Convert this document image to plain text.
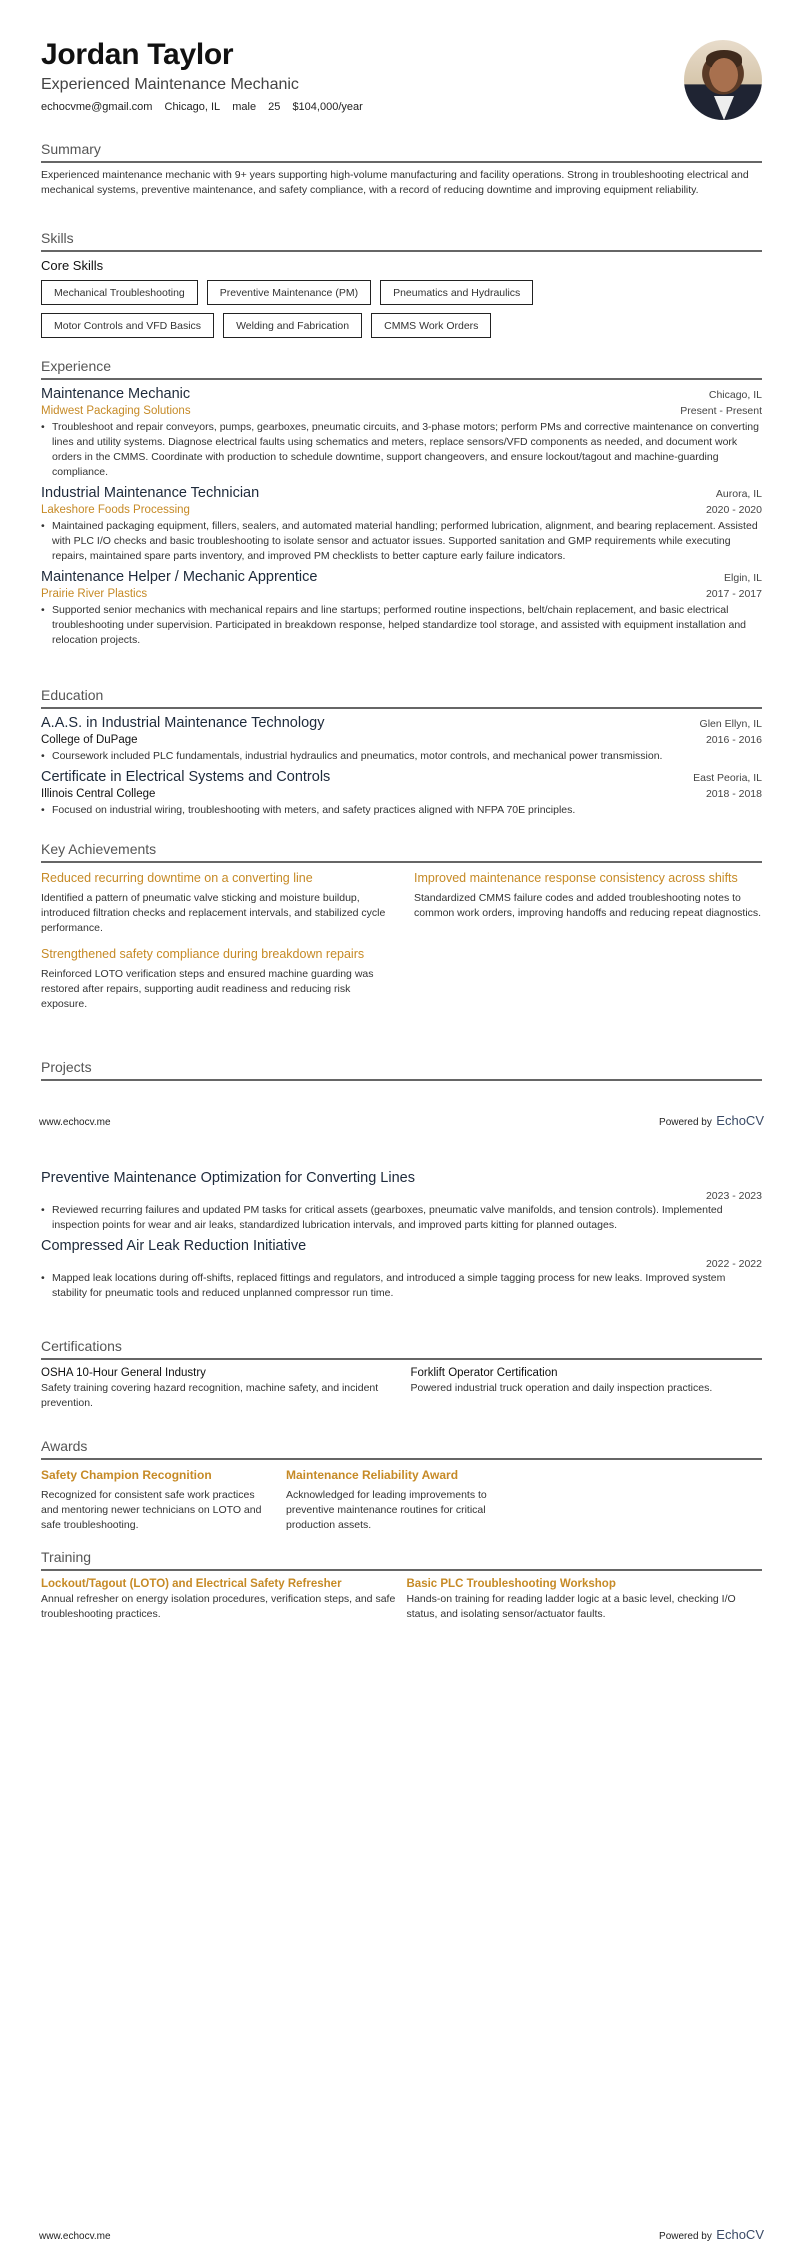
Jordan Taylor
Experienced Maintenance Mechanic
echocvme@gmail.com Chicago, IL male 25 $104,000/year
Summary
Experienced maintenance mechanic with 9+ years supporting high-volume manufacturing and facility operations. Strong in troubleshooting electrical and mechanical systems, preventive maintenance, and safety compliance, with a record of reducing downtime and improving equipment reliability.
Skills
Core Skills
Mechanical Troubleshooting	Preventive Maintenance (PM)	Pneumatics and Hydraulics
Motor Controls and VFD Basics	Welding and Fabrication	CMMS Work Orders
Experience
Maintenance Mechanic	Chicago, IL
Midwest Packaging Solutions	Present - Present
• Troubleshoot and repair conveyors, pumps, gearboxes, pneumatic circuits, and 3-phase motors; perform PMs and corrective maintenance on converting lines and utility systems. Diagnose electrical faults using schematics and meters, replace sensors/VFD components as needed, and document work orders in the CMMS. Coordinate with production to schedule downtime, support changeovers, and ensure lockout/tagout and machine-guarding compliance.
Industrial Maintenance Technician	Aurora, IL
Lakeshore Foods Processing	2020 - 2020
• Maintained packaging equipment, fillers, sealers, and automated material handling; performed lubrication, alignment, and bearing replacement. Assisted with PLC I/O checks and basic troubleshooting to isolate sensor and actuator issues. Supported sanitation and GMP requirements while executing repairs, maintained spare parts inventory, and improved PM checklists to better capture early failure indicators.
Maintenance Helper / Mechanic Apprentice	Elgin, IL
Prairie River Plastics	2017 - 2017
• Supported senior mechanics with mechanical repairs and line startups; performed routine inspections, belt/chain replacement, and basic electrical troubleshooting under supervision. Participated in breakdown response, helped standardize tool storage, and assisted with equipment installation and relocation projects.
Education
A.A.S. in Industrial Maintenance Technology	Glen Ellyn, IL
College of DuPage	2016 - 2016
• Coursework included PLC fundamentals, industrial hydraulics and pneumatics, motor controls, and mechanical power transmission.
Certificate in Electrical Systems and Controls	East Peoria, IL
Illinois Central College	2018 - 2018
• Focused on industrial wiring, troubleshooting with meters, and safety practices aligned with NFPA 70E principles.
Key Achievements
Reduced recurring downtime on a converting line
Identified a pattern of pneumatic valve sticking and moisture buildup, introduced filtration checks and replacement intervals, and stabilized cycle performance.
Improved maintenance response consistency across shifts
Standardized CMMS failure codes and added troubleshooting notes to common work orders, improving handoffs and reducing repeat diagnostics.
Strengthened safety compliance during breakdown repairs
Reinforced LOTO verification steps and ensured machine guarding was restored after repairs, supporting audit readiness and reducing risk exposure.
Projects
www.echocv.me	Powered by EchoCV
Preventive Maintenance Optimization for Converting Lines
2023 - 2023
• Reviewed recurring failures and updated PM tasks for critical assets (gearboxes, pneumatic valve manifolds, and tension controls). Implemented inspection points for wear and air leaks, standardized lubrication intervals, and improved parts kitting for planned outages.
Compressed Air Leak Reduction Initiative
2022 - 2022
• Mapped leak locations during off-shifts, replaced fittings and regulators, and introduced a simple tagging process for new leaks. Improved system stability for pneumatic tools and reduced unplanned compressor run time.
Certifications
OSHA 10-Hour General Industry
Safety training covering hazard recognition, machine safety, and incident prevention.
Forklift Operator Certification
Powered industrial truck operation and daily inspection practices.
Awards
Safety Champion Recognition
Recognized for consistent safe work practices and mentoring newer technicians on LOTO and safe troubleshooting.
Maintenance Reliability Award
Acknowledged for leading improvements to preventive maintenance routines for critical production assets.
Training
Lockout/Tagout (LOTO) and Electrical Safety Refresher
Annual refresher on energy isolation procedures, verification steps, and safe troubleshooting practices.
Basic PLC Troubleshooting Workshop
Hands-on training for reading ladder logic at a basic level, checking I/O status, and isolating sensor/actuator faults.
www.echocv.me	Powered by EchoCV
